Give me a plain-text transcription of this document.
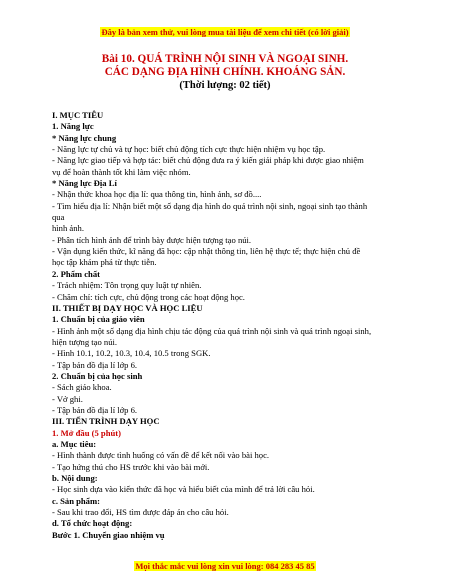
Đây là bản xem thử, vui lòng mua tài liệu để xem chi tiết (có lời giải)
Bài 10. QUÁ TRÌNH NỘI SINH VÀ NGOẠI SINH.
CÁC DẠNG ĐỊA HÌNH CHÍNH. KHOÁNG SẢN.
(Thời lượng: 02 tiết)
I. MỤC TIÊU
1. Năng lực
* Năng lực chung
- Năng lực tự chủ và tự học: biết chủ động tích cực thực hiện nhiệm vụ học tập.
- Năng lực giao tiếp và hợp tác: biết chủ động đưa ra ý kiến giải pháp khi được giao nhiệm
vụ để hoàn thành tốt khi làm việc nhóm.
* Năng lực Địa Lí
- Nhận thức khoa học địa lí: qua thông tin, hình ảnh, sơ đồ....
- Tìm hiểu địa lí: Nhận biết một số dạng địa hình do quá trình nội sinh, ngoại sinh tạo thành
qua
hình ảnh.
- Phân tích hình ảnh để trình bày được hiện tượng tạo núi.
- Vận dụng kiến thức, kĩ năng đã học: cập nhật thông tin, liên hệ thực tế; thực hiện chủ đề
học tập khám phá từ thực tiễn.
2. Phẩm chất
- Trách nhiệm: Tôn trọng quy luật tự nhiên.
- Chăm chỉ: tích cực, chủ động trong các hoạt động học.
II. THIẾT BỊ DẠY HỌC VÀ HỌC LIỆU
1. Chuẩn bị của giáo viên
- Hình ảnh một số dạng địa hình chịu tác động của quá trình nội sinh và quá trình ngoại sinh,
hiện tượng tạo núi.
- Hình 10.1, 10.2, 10.3, 10.4, 10.5 trong SGK.
- Tập bản đồ địa lí lớp 6.
2. Chuẩn bị của học sinh
- Sách giáo khoa.
- Vở ghi.
- Tập bản đồ địa lí lớp 6.
III. TIẾN TRÌNH DẠY HỌC
1. Mở đầu (5 phút)
a. Mục tiêu:
- Hình thành được tình huống có vấn đề để kết nối vào bài học.
- Tạo hứng thú cho HS trước khi vào bài mới.
b. Nội dung:
- Học sinh dựa vào kiến thức đã học và hiểu biết của mình để trả lời câu hỏi.
c. Sản phẩm:
- Sau khi trao đổi, HS tìm được đáp án cho câu hỏi.
d. Tổ chức hoạt động:
Bước 1. Chuyển giao nhiệm vụ
Mọi thắc mắc vui lòng xin vui lòng: 084 283 45 85
